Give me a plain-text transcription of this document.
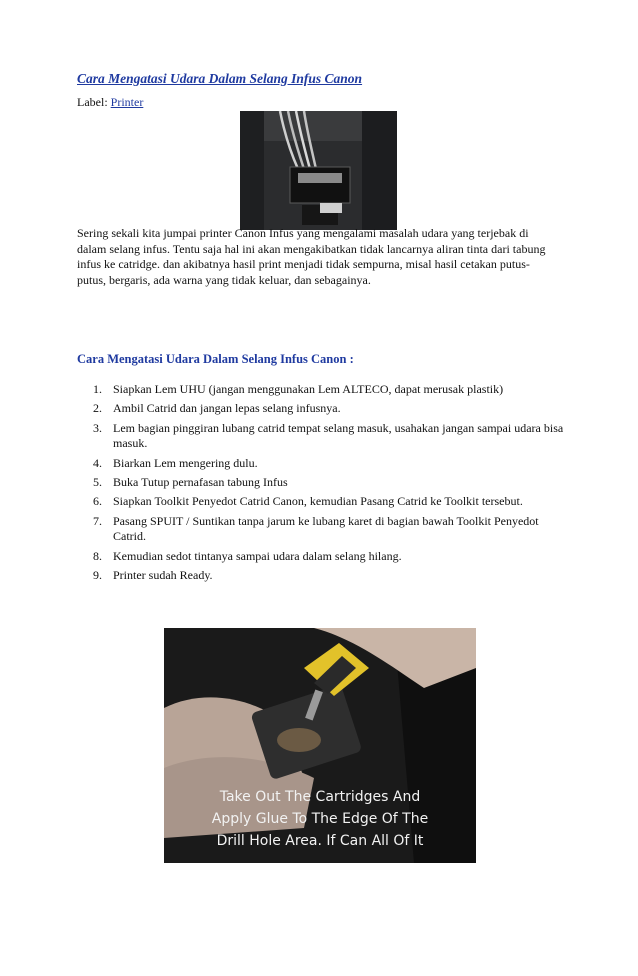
Cara Mengatasi Udara Dalam Selang Infus Canon
Label: Printer

Sering sekali kita jumpai printer Canon Infus yang mengalami masalah udara yang terjebak di dalam selang infus. Tentu saja hal ini akan mengakibatkan tidak lancarnya aliran tinta dari tabung infus ke catridge. dan akibatnya hasil print menjadi tidak sempurna, misal hasil cetakan putus-putus, bergaris, ada warna yang tidak keluar, dan sebagainya.

Cara Mengatasi Udara Dalam Selang Infus Canon :
1. Siapkan Lem UHU (jangan menggunakan Lem ALTECO, dapat merusak plastik)
2. Ambil Catrid dan jangan lepas selang infusnya.
3. Lem bagian pinggiran lubang catrid tempat selang masuk, usahakan jangan sampai udara bisa masuk.
4. Biarkan Lem mengering dulu.
5. Buka Tutup pernafasan tabung Infus
6. Siapkan Toolkit Penyedot Catrid Canon, kemudian Pasang Catrid ke Toolkit tersebut.
7. Pasang SPUIT / Suntikan tanpa jarum ke lubang karet di bagian bawah Toolkit Penyedot Catrid.
8. Kemudian sedot tintanya sampai udara dalam selang hilang.
9. Printer sudah Ready.
Take Out The Cartridges And
Apply Glue To The Edge Of The
Drill Hole Area. If Can All Of It
